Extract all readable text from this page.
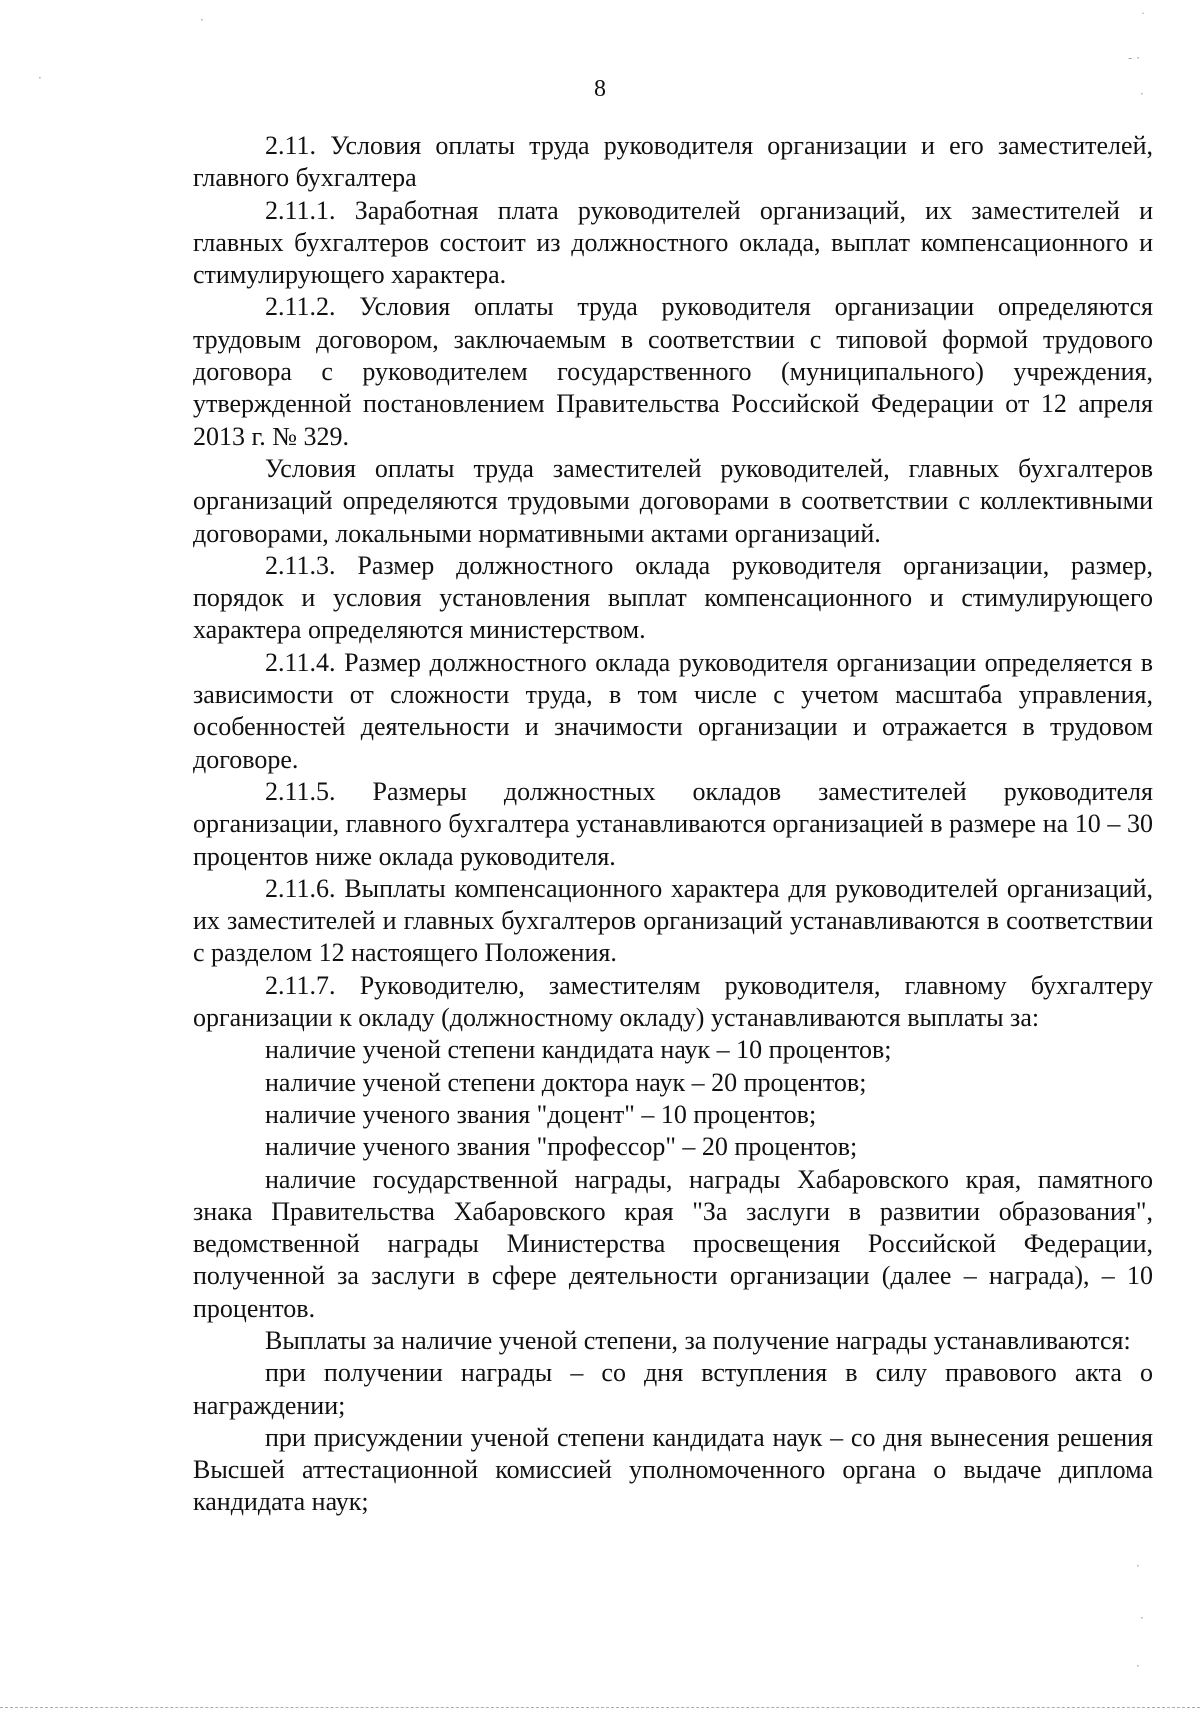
8

2.11. Условия оплаты труда руководителя организации и его заместителей, главного бухгалтера

2.11.1. Заработная плата руководителей организаций, их заместителей и главных бухгалтеров состоит из должностного оклада, выплат компенсационного и стимулирующего характера.

2.11.2. Условия оплаты труда руководителя организации определяются трудовым договором, заключаемым в соответствии с типовой формой трудового договора с руководителем государственного (муниципального) учреждения, утвержденной постановлением Правительства Российской Федерации от 12 апреля 2013 г. № 329.

Условия оплаты труда заместителей руководителей, главных бухгалтеров организаций определяются трудовыми договорами в соответствии с коллективными договорами, локальными нормативными актами организаций.

2.11.3. Размер должностного оклада руководителя организации, размер, порядок и условия установления выплат компенсационного и стимулирующего характера определяются министерством.

2.11.4. Размер должностного оклада руководителя организации определяется в зависимости от сложности труда, в том числе с учетом масштаба управления, особенностей деятельности и значимости организации и отражается в трудовом договоре.

2.11.5. Размеры должностных окладов заместителей руководителя организации, главного бухгалтера устанавливаются организацией в размере на 10 – 30 процентов ниже оклада руководителя.

2.11.6. Выплаты компенсационного характера для руководителей организаций, их заместителей и главных бухгалтеров организаций устанавливаются в соответствии с разделом 12 настоящего Положения.

2.11.7. Руководителю, заместителям руководителя, главному бухгалтеру организации к окладу (должностному окладу) устанавливаются выплаты за:

наличие ученой степени кандидата наук – 10 процентов;

наличие ученой степени доктора наук – 20 процентов;

наличие ученого звания "доцент" – 10 процентов;

наличие ученого звания "профессор" – 20 процентов;

наличие государственной награды, награды Хабаровского края, памятного знака Правительства Хабаровского края "За заслуги в развитии образования", ведомственной награды Министерства просвещения Российской Федерации, полученной за заслуги в сфере деятельности организации (далее – награда), – 10 процентов.

Выплаты за наличие ученой степени, за получение награды устанавливаются:

при получении награды – со дня вступления в силу правового акта о награждении;

при присуждении ученой степени кандидата наук – со дня вынесения решения Высшей аттестационной комиссией уполномоченного органа о выдаче диплома кандидата наук;

˙
‐ ·
·
·
·
·
·
·
